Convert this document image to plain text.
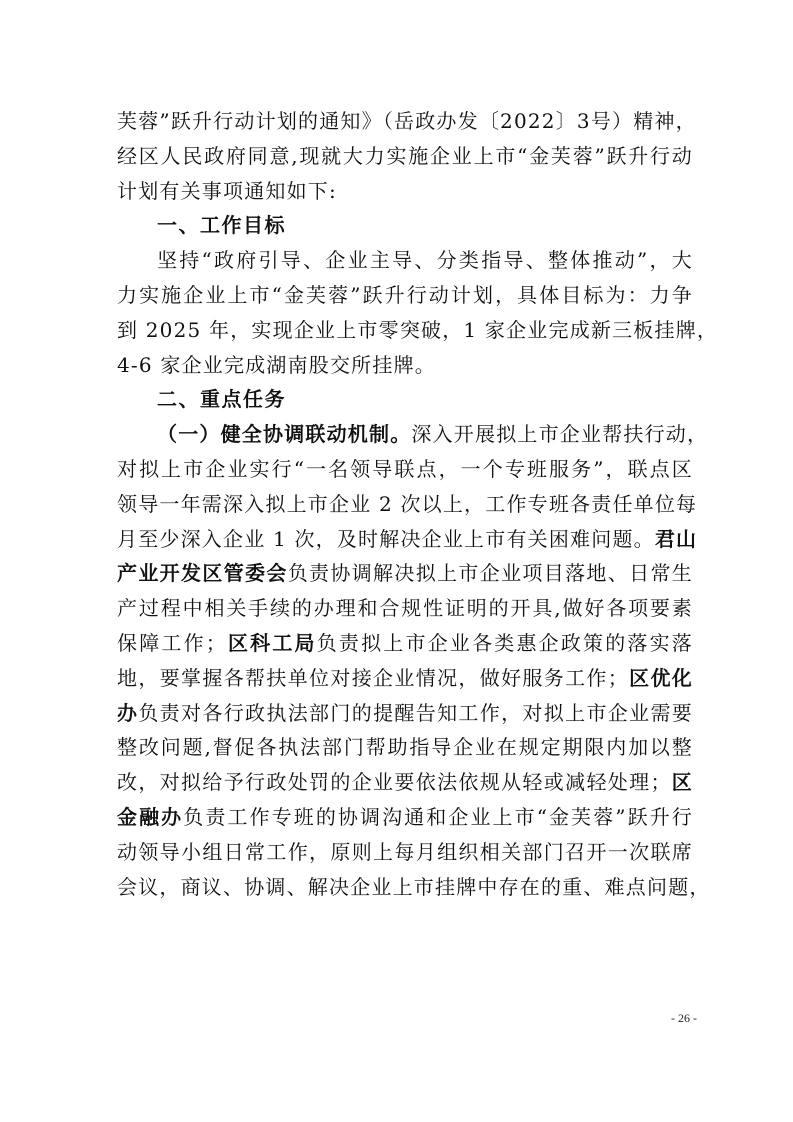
芙蓉”跃升行动计划的通知》（岳政办发〔2022〕3号）精神，
经区人民政府同意,现就大力实施企业上市“金芙蓉”跃升行动
计划有关事项通知如下:
一、工作目标
坚持“政府引导、企业主导、分类指导、整体推动”，大
力实施企业上市“金芙蓉”跃升行动计划，具体目标为：力争
到 2025 年，实现企业上市零突破，1 家企业完成新三板挂牌，
4-6 家企业完成湖南股交所挂牌。
二、重点任务
（一）健全协调联动机制。深入开展拟上市企业帮扶行动，
对拟上市企业实行“一名领导联点，一个专班服务”，联点区
领导一年需深入拟上市企业 2 次以上，工作专班各责任单位每
月至少深入企业 1 次，及时解决企业上市有关困难问题。君山
产业开发区管委会负责协调解决拟上市企业项目落地、日常生
产过程中相关手续的办理和合规性证明的开具,做好各项要素
保障工作；区科工局负责拟上市企业各类惠企政策的落实落
地，要掌握各帮扶单位对接企业情况，做好服务工作；区优化
办负责对各行政执法部门的提醒告知工作，对拟上市企业需要
整改问题,督促各执法部门帮助指导企业在规定期限内加以整
改，对拟给予行政处罚的企业要依法依规从轻或减轻处理；区
金融办负责工作专班的协调沟通和企业上市“金芙蓉”跃升行
动领导小组日常工作，原则上每月组织相关部门召开一次联席
会议，商议、协调、解决企业上市挂牌中存在的重、难点问题，
- 26 -
